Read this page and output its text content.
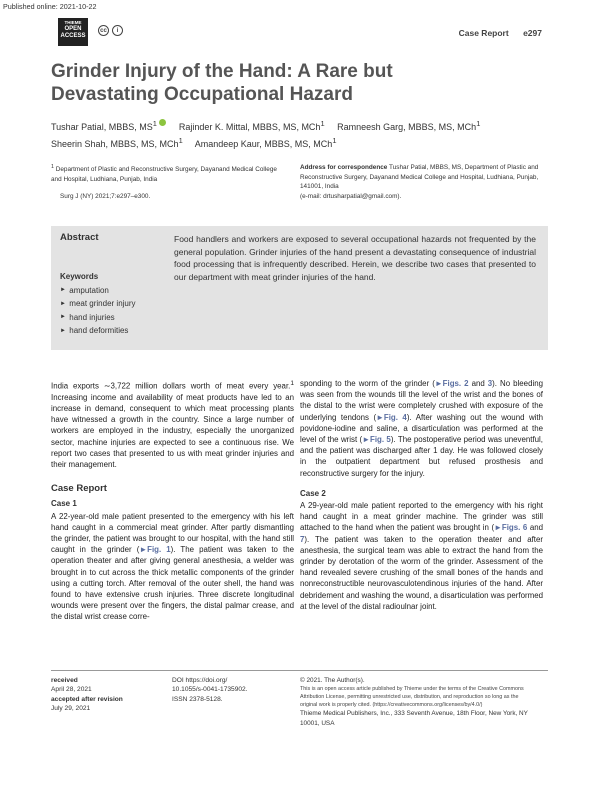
Published online: 2021-10-22
THIEME
OPEN
ACCESS
cc	i	Case Report e297
Grinder Injury of the Hand: A Rare but Devastating Occupational Hazard
Tushar Patial, MBBS, $MS^1$ Rajinder K. Mittal, MBBS, MS, MCh$^1$ Ramneesh Garg, MBBS, MS, MCh$^1$
Sheerin Shah, MBBS, MS, MCh$^1$ Amandeep Kaur, MBBS, MS, MCh$^1$
$^1$ Department of Plastic and Reconstructive Surgery, Dayanand Medical College and Hospital, Ludhiana, Punjab, India
Address for correspondence Tushar Patial, MBBS, MS, Department of Plastic and Reconstructive Surgery, Dayanand Medical College and Hospital, Ludhiana, Punjab, 141001, India
(e-mail: drtusharpatial@gmail.com).
Surg J (NY) 2021;7:e297–e300.
Abstract	Food handlers and workers are exposed to several occupational hazards not frequented by the general population. Grinder injuries of the hand present a devastating consequence of industrial food processing that is infrequently described. Herein, we describe two cases that presented to our department with meat grinder injuries of the hand.
Keywords
►  amputation
►  meat grinder injury
►  hand injuries
►  hand deformities

India exports ∼3,722 million dollars worth of meat every year.$^1$ Increasing income and availability of meat products have led to an increase in demand, consequent to which meat processing plants have witnessed a growth in the country. Since a large number of workers are employed in the industry, especially the unorganized sector, machine injuries are expected to see a continuous rise. We report two cases that presented to us with meat grinder injuries and their management.

Case Report
Case 1

A 22-year-old male patient presented to the emergency with his left hand caught in a commercial meat grinder. After partly dismantling the grinder, the patient was brought to our hospital, with the hand still caught in the grinder (►Fig. 1). The patient was taken to the operation theater and after giving general anesthesia, a welder was brought in to cut across the thick metallic components of the grinder using a cutting torch. After removal of the outer shell, the hand was found to have extensive crush injuries. Three discrete longitudinal wounds were present over the fingers, the distal palmar crease, and the distal wrist crease corre-

sponding to the worm of the grinder (►Figs. 2 and 3). No bleeding was seen from the wounds till the level of the wrist and the bones of the distal to the wrist were completely crushed with exposure of the underlying tendons (►Fig. 4). After washing out the wound with povidone-iodine and saline, a disarticulation was performed at the level of the wrist (►Fig. 5). The postoperative period was uneventful, and the patient was discharged after 1 day. He was followed closely in the outpatient department but refused prosthesis and reconstructive surgery for the injury.

Case 2

A 29-year-old male patient reported to the emergency with his right hand caught in a meat grinder machine. The grinder was still attached to the hand when the patient was brought in (►Figs. 6 and 7). The patient was taken to the operation theater and after anesthesia, the surgical team was able to extract the hand from the grinder by derotation of the worm of the grinder. Assessment of the hand revealed severe crushing of the small bones of the hands and nonreconstructible neurovasculotendinous injuries of the hand. After debridement and washing the wound, a disarticulation was performed at the level of the distal radioulnar joint.

received
April 28, 2021
accepted after revision
July 29, 2021
DOI https://doi.org/
10.1055/s-0041-1735902.
ISSN 2378-5128.
© 2021. The Author(s).
This is an open access article published by Thieme under the terms of the Creative Commons Attribution License, permitting unrestricted use, distribution, and reproduction so long as the original work is properly cited. (https://creativecommons.org/licenses/by/4.0/)
Thieme Medical Publishers, Inc., 333 Seventh Avenue, 18th Floor, New York, NY 10001, USA
